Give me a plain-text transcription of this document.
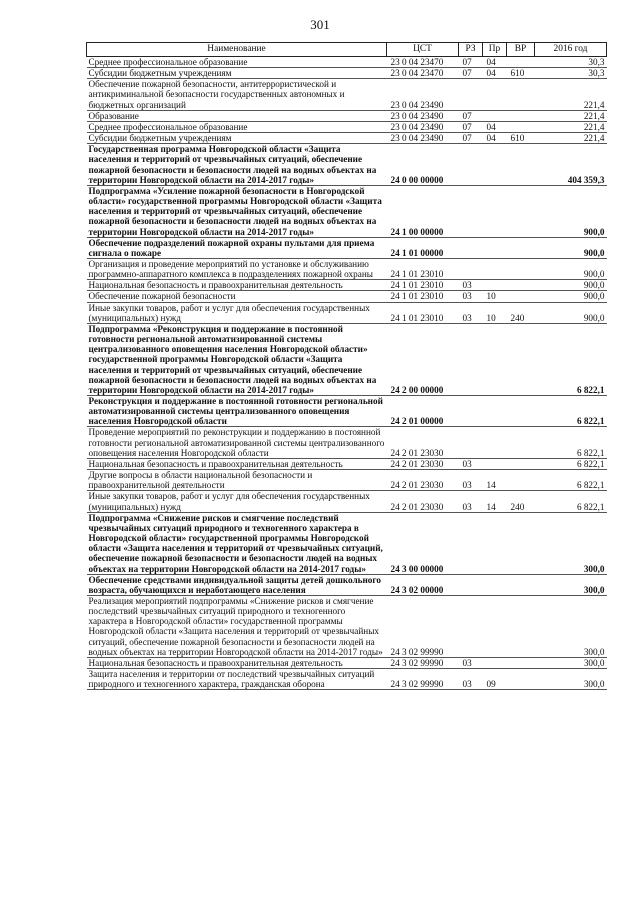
301
Наименование	ЦСТ	РЗ	Пр	ВР	2016 год
Среднее профессиональное образование	23 0 04 23470	07	04		30,3
Субсидии бюджетным учреждениям	23 0 04 23470	07	04	610	30,3
Обеспечение пожарной безопасности, антитеррористической и антикриминальной безопасности государственных автономных и бюджетных организаций	23 0 04 23490				221,4
Образование	23 0 04 23490	07			221,4
Среднее профессиональное образование	23 0 04 23490	07	04		221,4
Субсидии бюджетным учреждениям	23 0 04 23490	07	04	610	221,4
Государственная программа Новгородской области «Защита населения и территорий от чрезвычайных ситуаций, обеспечение пожарной безопасности и безопасности людей на водных объектах на территории Новгородской области на 2014-2017 годы»	24 0 00 00000				404 359,3
Подпрограмма «Усиление пожарной безопасности в Новгородской области» государственной программы Новгородской области «Защита населения и территорий от чрезвычайных ситуаций, обеспечение пожарной безопасности и безопасности людей на водных объектах на территории Новгородской области на 2014-2017 годы»	24 1 00 00000				900,0
Обеспечение подразделений пожарной охраны пультами для приема сигнала о пожаре	24 1 01 00000				900,0
Организация и проведение мероприятий по установке и обслуживанию программно-аппаратного комплекса в подразделениях пожарной охраны	24 1 01 23010				900,0
Национальная безопасность и правоохранительная деятельность	24 1 01 23010	03			900,0
Обеспечение пожарной безопасности	24 1 01 23010	03	10		900,0
Иные закупки товаров, работ и услуг для обеспечения государственных (муниципальных) нужд	24 1 01 23010	03	10	240	900,0
Подпрограмма «Реконструкция и поддержание в постоянной готовности региональной автоматизированной системы централизованного оповещения населения Новгородской области» государственной программы Новгородской области «Защита населения и территорий от чрезвычайных ситуаций, обеспечение пожарной безопасности и безопасности людей на водных объектах на территории Новгородской области на 2014-2017 годы»	24 2 00 00000				6 822,1
Реконструкция и поддержание в постоянной готовности региональной автоматизированной системы централизованного оповещения населения Новгородской области	24 2 01 00000				6 822,1
Проведение мероприятий по реконструкции и поддержанию в постоянной готовности региональной автоматизированной системы централизованного оповещения населения Новгородской области	24 2 01 23030				6 822,1
Национальная безопасность и правоохранительная деятельность	24 2 01 23030	03			6 822,1
Другие вопросы в области национальной безопасности и правоохранительной деятельности	24 2 01 23030	03	14		6 822,1
Иные закупки товаров, работ и услуг для обеспечения государственных (муниципальных) нужд	24 2 01 23030	03	14	240	6 822,1
Подпрограмма «Снижение рисков и смягчение последствий чрезвычайных ситуаций природного и техногенного характера в Новгородской области» государственной программы Новгородской области «Защита населения и территорий от чрезвычайных ситуаций, обеспечение пожарной безопасности и безопасности людей на водных объектах на территории Новгородской области на 2014-2017 годы»	24 3 00 00000				300,0
Обеспечение средствами индивидуальной защиты детей дошкольного возраста, обучающихся и неработающего населения	24 3 02 00000				300,0
Реализация мероприятий подпрограммы «Снижение рисков и смягчение последствий чрезвычайных ситуаций природного и техногенного характера в Новгородской области» государственной программы Новгородской области «Защита населения и территорий от чрезвычайных ситуаций, обеспечение пожарной безопасности и безопасности людей на водных объектах на территории Новгородской области на 2014-2017 годы»	24 3 02 99990				300,0
Национальная безопасность и правоохранительная деятельность	24 3 02 99990	03			300,0
Защита населения и территории от последствий чрезвычайных ситуаций природного и техногенного характера, гражданская оборона	24 3 02 99990	03	09		300,0
